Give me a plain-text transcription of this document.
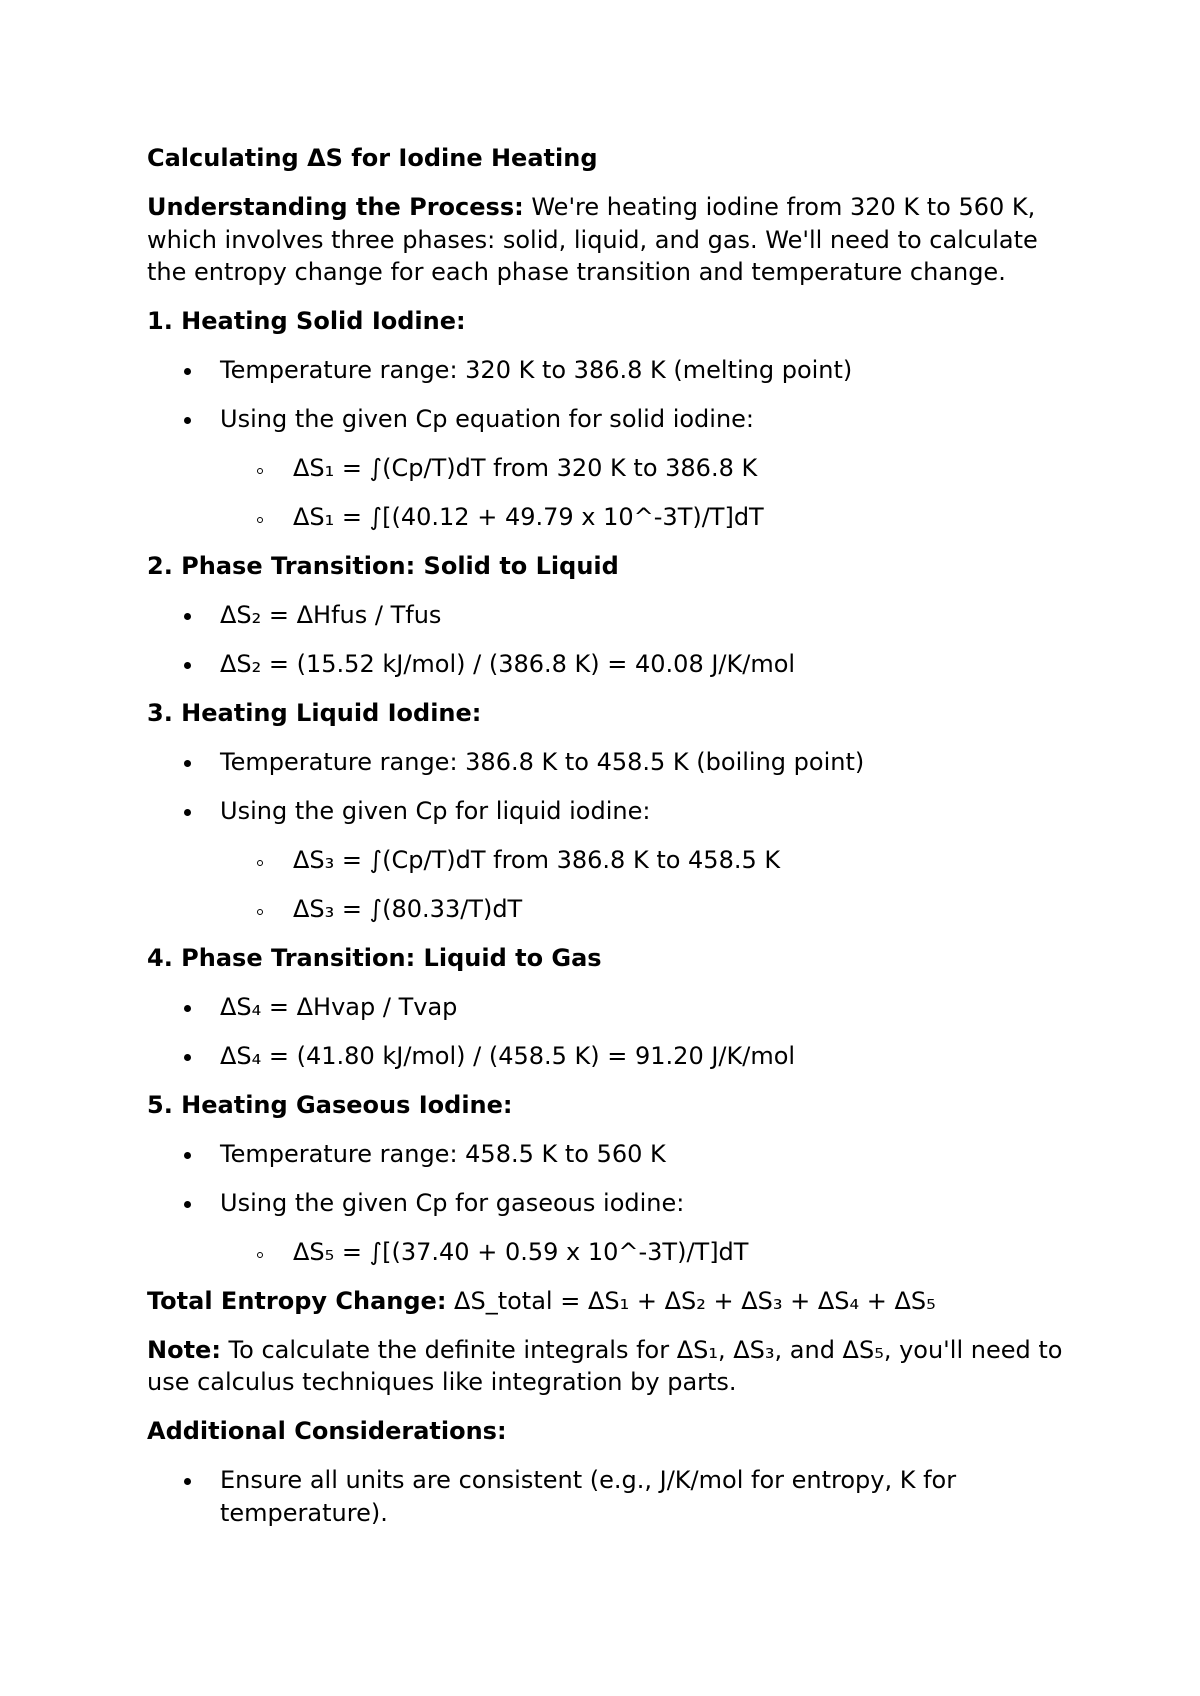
Calculating ΔS for Iodine Heating
Understanding the Process: We're heating iodine from 320 K to 560 K, which involves three phases: solid, liquid, and gas. We'll need to calculate the entropy change for each phase transition and temperature change.
1. Heating Solid Iodine:
Temperature range: 320 K to 386.8 K (melting point)
Using the given Cp equation for solid iodine:
ΔS₁ = ∫(Cp/T)dT from 320 K to 386.8 K
ΔS₁ = ∫[(40.12 + 49.79 x 10^-3T)/T]dT
2. Phase Transition: Solid to Liquid
ΔS₂ = ΔHfus / Tfus
ΔS₂ = (15.52 kJ/mol) / (386.8 K) = 40.08 J/K/mol
3. Heating Liquid Iodine:
Temperature range: 386.8 K to 458.5 K (boiling point)
Using the given Cp for liquid iodine:
ΔS₃ = ∫(Cp/T)dT from 386.8 K to 458.5 K
ΔS₃ = ∫(80.33/T)dT
4. Phase Transition: Liquid to Gas
ΔS₄ = ΔHvap / Tvap
ΔS₄ = (41.80 kJ/mol) / (458.5 K) = 91.20 J/K/mol
5. Heating Gaseous Iodine:
Temperature range: 458.5 K to 560 K
Using the given Cp for gaseous iodine:
ΔS₅ = ∫[(37.40 + 0.59 x 10^-3T)/T]dT
Total Entropy Change: ΔS_total = ΔS₁ + ΔS₂ + ΔS₃ + ΔS₄ + ΔS₅
Note: To calculate the definite integrals for ΔS₁, ΔS₃, and ΔS₅, you'll need to use calculus techniques like integration by parts.
Additional Considerations:
Ensure all units are consistent (e.g., J/K/mol for entropy, K for temperature).
